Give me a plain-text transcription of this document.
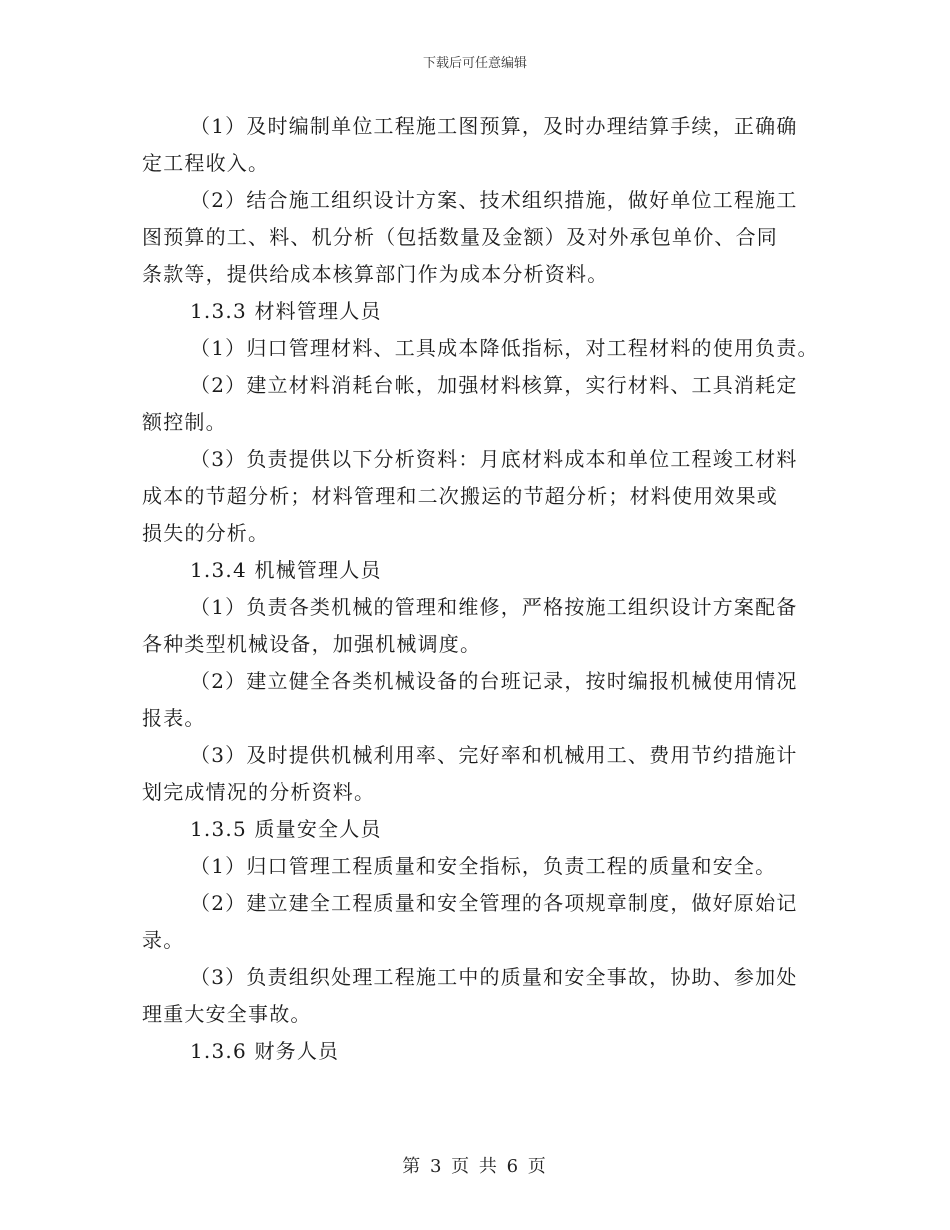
下载后可任意编辑
（1）及时编制单位工程施工图预算，及时办理结算手续，正确确
定工程收入。
（2）结合施工组织设计方案、技术组织措施，做好单位工程施工
图预算的工、料、机分析（包括数量及金额）及对外承包单价、合同
条款等，提供给成本核算部门作为成本分析资料。
1.3.3 材料管理人员
（1）归口管理材料、工具成本降低指标，对工程材料的使用负责。
（2）建立材料消耗台帐，加强材料核算，实行材料、工具消耗定
额控制。
（3）负责提供以下分析资料：月底材料成本和单位工程竣工材料
成本的节超分析；材料管理和二次搬运的节超分析；材料使用效果或
损失的分析。
1.3.4 机械管理人员
（1）负责各类机械的管理和维修，严格按施工组织设计方案配备
各种类型机械设备，加强机械调度。
（2）建立健全各类机械设备的台班记录，按时编报机械使用情况
报表。
（3）及时提供机械利用率、完好率和机械用工、费用节约措施计
划完成情况的分析资料。
1.3.5 质量安全人员
（1）归口管理工程质量和安全指标，负责工程的质量和安全。
（2）建立建全工程质量和安全管理的各项规章制度，做好原始记
录。
（3）负责组织处理工程施工中的质量和安全事故，协助、参加处
理重大安全事故。
1.3.6 财务人员
第 3 页 共 6 页
